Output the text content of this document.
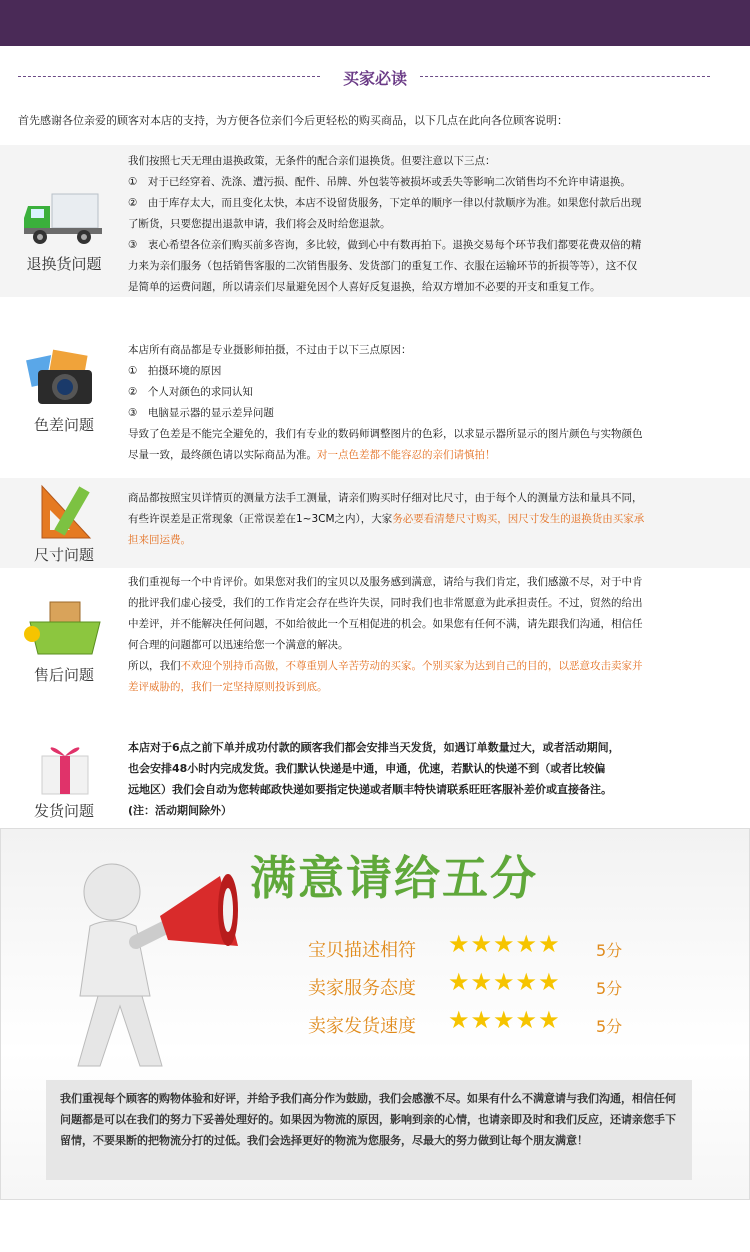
买家必读
首先感谢各位亲爱的顾客对本店的支持，为方便各位亲们今后更轻松的购买商品，以下几点在此向各位顾客说明：
退换货问题

我们按照七天无理由退换政策，无条件的配合亲们退换货。但要注意以下三点：

①　对于已经穿着、洗涤、遭污损、配件、吊牌、外包装等被损坏或丢失等影响二次销售均不允许申请退换。

②　由于库存太大，而且变化太快，本店不设留货服务，下定单的顺序一律以付款顺序为准。如果您付款后出现

了断货，只要您提出退款申请，我们将会及时给您退款。

③　衷心希望各位亲们购买前多咨询，多比较，做到心中有数再拍下。退换交易每个环节我们都要花费双倍的精

力来为亲们服务（包括销售客服的二次销售服务、发货部门的重复工作、衣服在运输环节的折损等等），这不仅

是简单的运费问题，所以请亲们尽量避免因个人喜好反复退换，给双方增加不必要的开支和重复工作。

色差问题

本店所有商品都是专业摄影师拍摄，不过由于以下三点原因：

①　拍摄环境的原因

②　个人对颜色的求同认知

③　电脑显示器的显示差异问题

导致了色差是不能完全避免的，我们有专业的数码师调整图片的色彩，以求显示器所显示的图片颜色与实物颜色

尽量一致，最终颜色请以实际商品为准。对一点色差都不能容忍的亲们请慎拍！

尺寸问题

商品都按照宝贝详情页的测量方法手工测量，请亲们购买时仔细对比尺寸，由于每个人的测量方法和量具不同，

有些许误差是正常现象（正常误差在1~3CM之内），大家务必要看清楚尺寸购买，因尺寸发生的退换货由买家承

担来回运费。

售后问题

我们重视每一个中肯评价。如果您对我们的宝贝以及服务感到满意，请给与我们肯定，我们感激不尽，对于中肯

的批评我们虚心接受，我们的工作肯定会存在些许失误，同时我们也非常愿意为此承担责任。不过，贸然的给出

中差评，并不能解决任何问题，不如给彼此一个互相促进的机会。如果您有任何不满，请先跟我们沟通，相信任

何合理的问题都可以迅速给您一个满意的解决。

所以，我们不欢迎个别持币高傲，不尊重别人辛苦劳动的买家。个别买家为达到自己的目的，以恶意攻击卖家并

差评威胁的，我们一定坚持原则投诉到底。

发货问题

本店对于6点之前下单并成功付款的顾客我们都会安排当天发货，如遇订单数量过大，或者活动期间，

也会安排48小时内完成发货。我们默认快递是中通，申通，优速，若默认的快递不到（或者比较偏

远地区）我们会自动为您转邮政快递如要指定快递或者顺丰特快请联系旺旺客服补差价或直接备注。

(注：活动期间除外）

满意请给五分
宝贝描述相符 ★★★★★ 5分
卖家服务态度 ★★★★★ 5分
卖家发货速度 ★★★★★ 5分
我们重视每个顾客的购物体验和好评，并给予我们高分作为鼓励，我们会感激不尽。如果有什么不满意请与我们沟通，相信任何问题都是可以在我们的努力下妥善处理好的。如果因为物流的原因，影响到亲的心情，也请亲即及时和我们反应，还请亲您手下留情，不要果断的把物流分打的过低。我们会选择更好的物流为您服务，尽最大的努力做到让每个朋友满意！
